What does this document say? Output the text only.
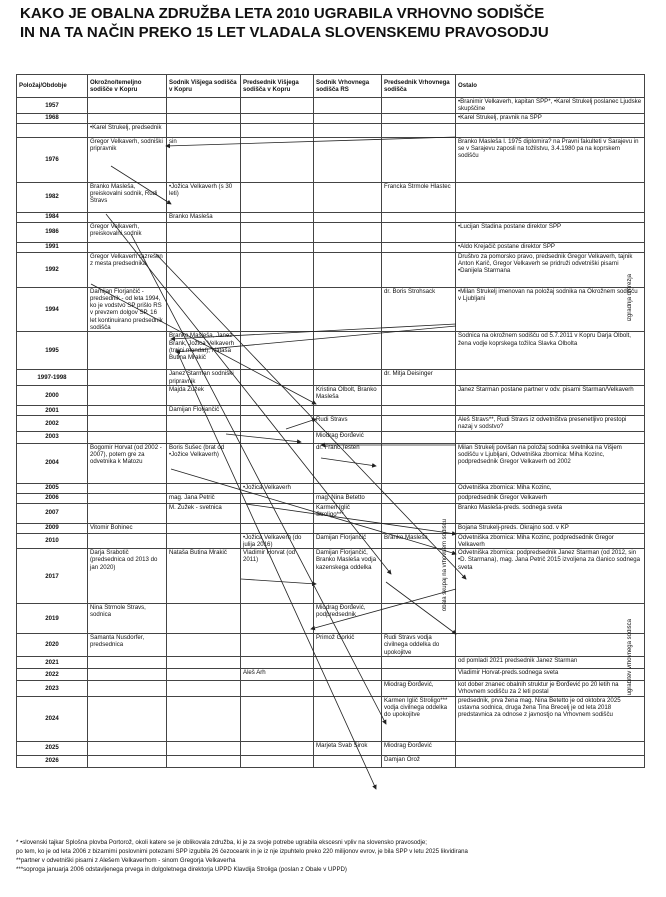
KAKO JE OBALNA ZDRUŽBA LETA 2010 UGRABILA VRHOVNO SODIŠČE
IN NA TA NAČIN PREKO 15 LET VLADALA SLOVENSKEMU PRAVOSODJU
Položaj/Obdobje	Okrožno/temeljno sodišče v Kopru	Sodnik Višjega sodišča v Kopru	Predsednik Višjega sodišča v Kopru	Sodnik Vrhovnega sodišča RS	Predsednik Vrhovnega sodišča	Ostalo
1957						•Branimir Velkaverh, kapitan SPP*, •Karel Štrukelj poslanec Ljudske skupščine
1968						•Karel Štrukelj, pravnik na SPP
	•Karel Štrukelj, predsednik					
1976	Gregor Velkaverh, sodniški pripravnik	sin				Branko Masleša l. 1975 diplomira? na Pravni fakulteti v Sarajevu in se v Sarajevu zaposli na tožilstvu, 3.4.1980 pa na koprskem sodišču
1982	Branko Masleša, preiskovalni sodnik, Rudi Štravs	•Jožica Velkaverh (s 30 leti)			Francka Strmole Hlastec	
1984		Branko Masleša				
1986	Gregor Velkaverh, preiskovalni sodnik					•Lucijan Stadina postane direktor SPP
1991						•Aldo Krejačič postane direktor SPP
1992	Gregor Velkaverh razrešen z mesta predsednika					Društvo za pomorsko pravo, predsednik Gregor Velkaverh, tajnik Anton Karič, Gregor Velkaverh se pridruži odvetniški pisarni •Danijela Starmana
1994	Damijan Florjančič - predsednik - od leta 1994, ko je vodstvo SP prišlo RS v prevzem dolgov SP, 16 let kontinuirano predsednik sodišča				dr. Boris Strohsack	•Milan Štrukelj imenovan na položaj sodnika na Okrožnem sodišču v Ljubljani
1995		Branko Masleša, Janez Brank, Jožica Velkaverh (trajni mandat), Nataša Butina Mrakič				Sodnica na okrožnem sodišču od 5.7.2011 v Kopru Darja Olbolt, žena vodje koprskega tožilca Slavka Olbolta
1997-1998		Janez Starman sodniški pripravnik			dr. Mitja Deisinger	
2000		Majda Žužek		Kristina Olbolt, Branko Masleša		Janez Starman postane partner v odv. pisarni Starman/Velkaverh
2001		Damijan Florjančič				
2002				Rudi Štravs		Aleš Štravs**, Rudi Štravs iz odvetništva presenetljivo prestopi nazaj v sodstvo?
2003				Miodrag Đorđević		
2004	Bogomir Horvat (od 2002 - 2007), potem gre za odvetnika k Matozu	Boris Šušec (brat od •Jožice Velkaverh)		dr. Franc Testen		Milan Štrukelj povišan na položaj sodnika svetnika na Višjem sodišču v Ljubljani, Odvetniška zbornica: Miha Kozinc, podpredsednik Gregor Velkaverh od 2002
2005			•Jožica Velkaverh			Odvetniška zbornica: Miha Kozinc,
2006		mag. Jana Petrič		mag. Nina Betetto		podpredsednik Gregor Velkaverh
2007		M. Žužek - svetnica		Karmen Iglič Stroligo***		Branko Masleša-preds. sodnega sveta
2009	Vitomir Bohinec					Bojana Štrukelj-preds. Okrajno sod. v KP
2010			•Jožica Velkaverh (do julija 2016)	Damijan Florjančič	Branko Masleša	Odvetniška zbornica: Miha Kozinc, podpredsednik Gregor Velkaverh
2017	Darja Srabotič (predsednica od 2013 do jan 2020)	Nataša Butina Mrakič	Vladimir Horvat (od 2011)	Damijan Florjančič, Branko Masleša vodja kazenskega oddelka		Odvetniška zbornica: podpredsednik Janez Starman (od 2012, sin •D. Starmana), mag. Jana Petrič 2015 izvoljena za članico sodnega sveta
2019	Nina Strmole Štravs, sodnica			Miodrag Đorđević, podpredsednik		
2020	Samanta Nusdorfer, predsednica			Primož Gorkič	Rudi Štravs vodja civilnega oddelka do upokojitve	
2021						od pomladi 2021 predsednik Janez Starman
2022			Aleš Arh			Vladimir Horvat-preds.sodnega sveta
2023					Miodrag Đorđević,	kot dober znanec obalnih struktur je Đorđević po 20 letih na Vrhovnem sodišču za 2 leti postal
2024					Karmen Iglič Stroligo*** vodja civilnega oddelka do upokojitve	predsednik, prva žena mag. Nina Betetto je od oktobra 2025 ustavna sodnica, druga žena Tina Brecelj je od leta 2018 predstavnica za odnose z javnostjo na Vrhovnem sodišču
2025				Marjeta Švab Širok	Miodrag Đorđević	
2026					Damjan Orož	
izgradnja omrežja
obala skupaj na vrhovnem sodišču
ugrabitev vrhovnega sodišča
* •slovenski tajkar Splošna plovba Portorož, okoli katere se je oblikovala združba, ki je za svoje potrebe ugrabila ekscesni vpliv na slovensko pravosodje;
po tem, ko je od leta 2006 z bizarnimi poslovnimi potezami SPP izgubila 26 čezoceank in je iz nje izpuhtelo preko 220 milijonov evrov, je bila SPP v letu 2025 likvidirana
**partner v odvetniški pisarni z Alešem Velkaverhom - sinom Gregorja Velkaverha
***soproga januarja 2006 odstavljenega prvega in dolgoletnega direktorja UPPD Klavdija Stroliga (poslan z Obale v UPPD)
